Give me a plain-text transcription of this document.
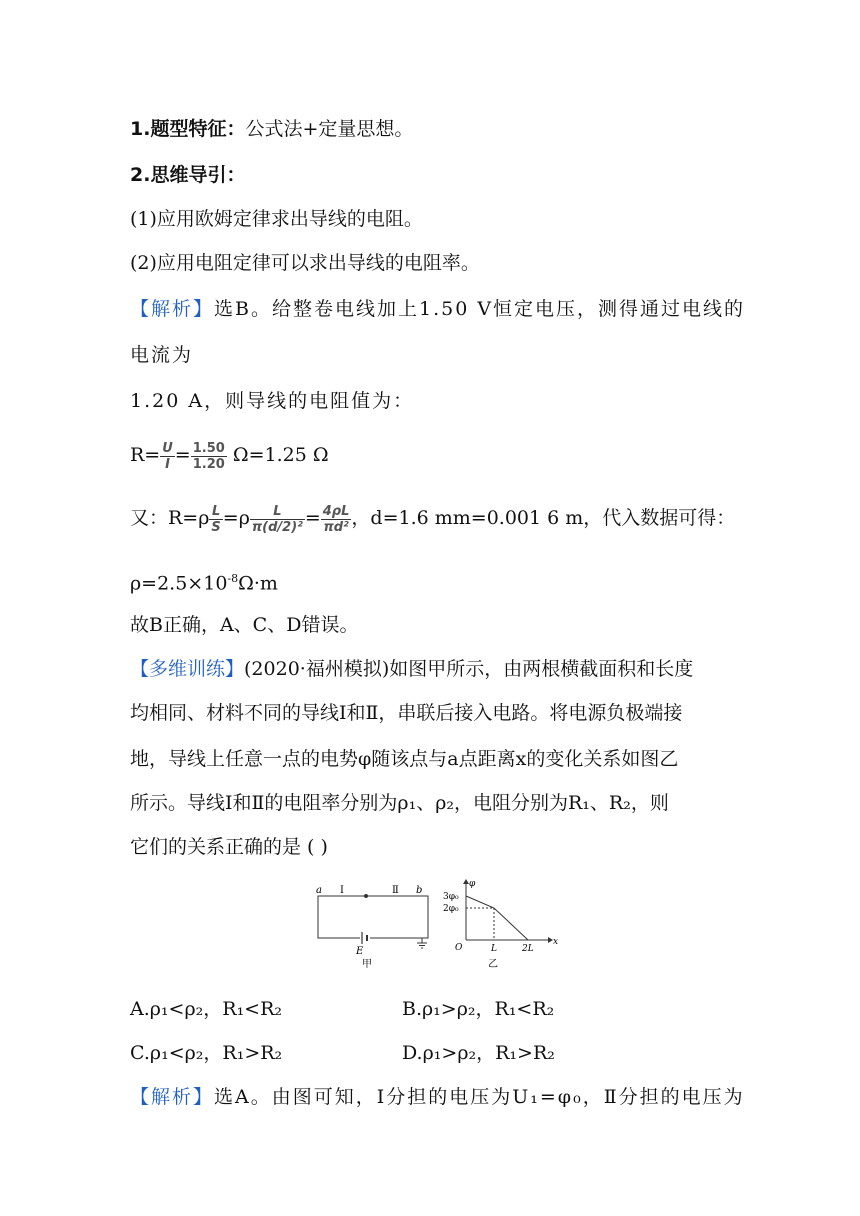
1.题型特征：公式法+定量思想。
2.思维导引：
(1)应用欧姆定律求出导线的电阻。
(2)应用电阻定律可以求出导线的电阻率。
【解析】选B。给整卷电线加上1.50 V恒定电压，测得通过电线的
电流为
1.20 A，则导线的电阻值为：
$R= \frac{U}{I} = \frac{1.50}{1.20} \Omega=1.25$ Ω
又：$R=\rho \frac{L}{S} =\rho \frac{L}{\text{π(d/2)²}} = \frac{4\rho L}{\text{πd²}}$ ，d=1.6 mm=0.001 6 m，代入数据可得：
$\rho=2.5\times 10^{-8}\Omega\cdot m$
故B正确，A、C、D错误。
【多维训练】(2020·福州模拟)如图甲所示，由两根横截面积和长度
均相同、材料不同的导线Ⅰ和Ⅱ，串联后接入电路。将电源负极端接
地，导线上任意一点的电势φ随该点与a点距离x的变化关系如图乙
所示。导线Ⅰ和Ⅱ的电阻率分别为ρ₁、ρ₂，电阻分别为R₁、R₂，则
它们的关系正确的是 ( )
a Ⅰ	Ⅱ b
E
甲
φ
3φ₀
2φ₀
O	L	2L
x
乙
A.ρ₁<ρ₂，R₁<R₂	B.ρ₁>ρ₂，R₁<R₂
C.ρ₁<ρ₂，R₁>R₂	D.ρ₁>ρ₂，R₁>R₂
【解析】选A。由图可知，Ⅰ分担的电压为U₁=φ₀，Ⅱ分担的电压为
